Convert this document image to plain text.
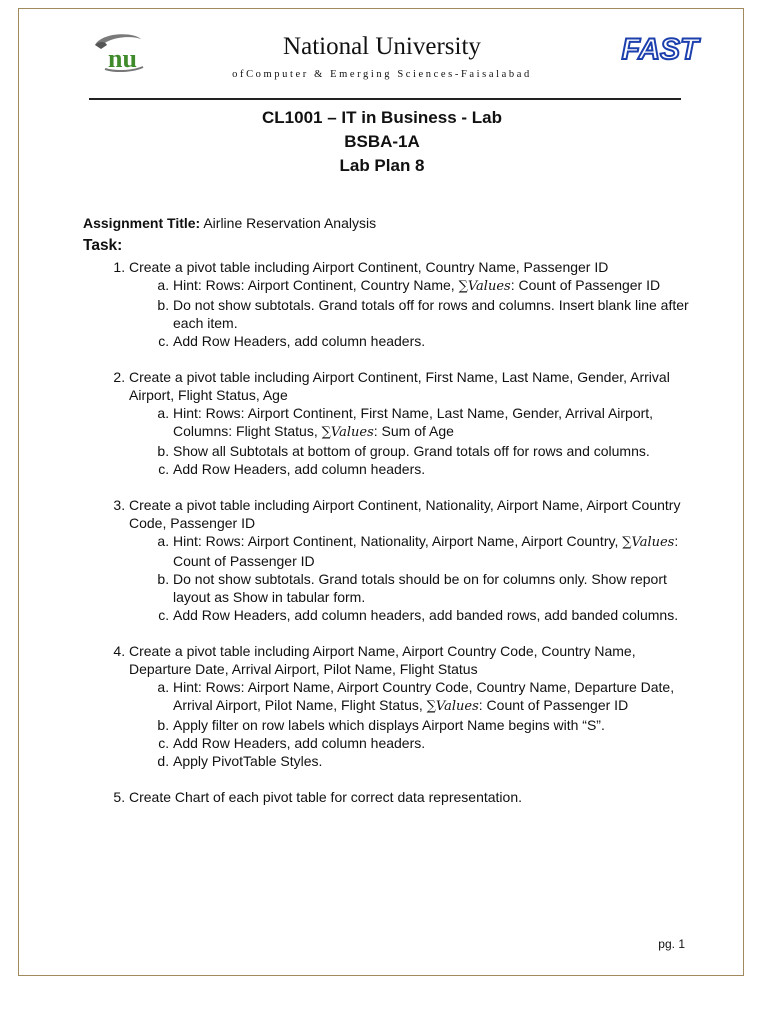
nu	National University
ofComputer & Emerging Sciences-Faisalabad
FAST
CL1001 – IT in Business - Lab
BSBA-1A
Lab Plan 8

Assignment Title: Airline Reservation Analysis

Task:
1. Create a pivot table including Airport Continent, Country Name, Passenger ID
a. Hint: Rows: Airport Continent, Country Name, ∑Values: Count of Passenger ID
b. Do not show subtotals. Grand totals off for rows and columns. Insert blank line after each item.
c. Add Row Headers, add column headers.
2. Create a pivot table including Airport Continent, First Name, Last Name, Gender, Arrival Airport, Flight Status, Age
a. Hint: Rows: Airport Continent, First Name, Last Name, Gender, Arrival Airport, Columns: Flight Status, ∑Values: Sum of Age
b. Show all Subtotals at bottom of group. Grand totals off for rows and columns.
c. Add Row Headers, add column headers.
3. Create a pivot table including Airport Continent, Nationality, Airport Name, Airport Country Code, Passenger ID
a. Hint: Rows: Airport Continent, Nationality, Airport Name, Airport Country, ∑Values: Count of Passenger ID
b. Do not show subtotals. Grand totals should be on for columns only. Show report layout as Show in tabular form.
c. Add Row Headers, add column headers, add banded rows, add banded columns.
4. Create a pivot table including Airport Name, Airport Country Code, Country Name, Departure Date, Arrival Airport, Pilot Name, Flight Status
a. Hint: Rows: Airport Name, Airport Country Code, Country Name, Departure Date, Arrival Airport, Pilot Name, Flight Status, ∑Values: Count of Passenger ID
b. Apply filter on row labels which displays Airport Name begins with “S”.
c. Add Row Headers, add column headers.
d. Apply PivotTable Styles.
5. Create Chart of each pivot table for correct data representation.
pg. 1
